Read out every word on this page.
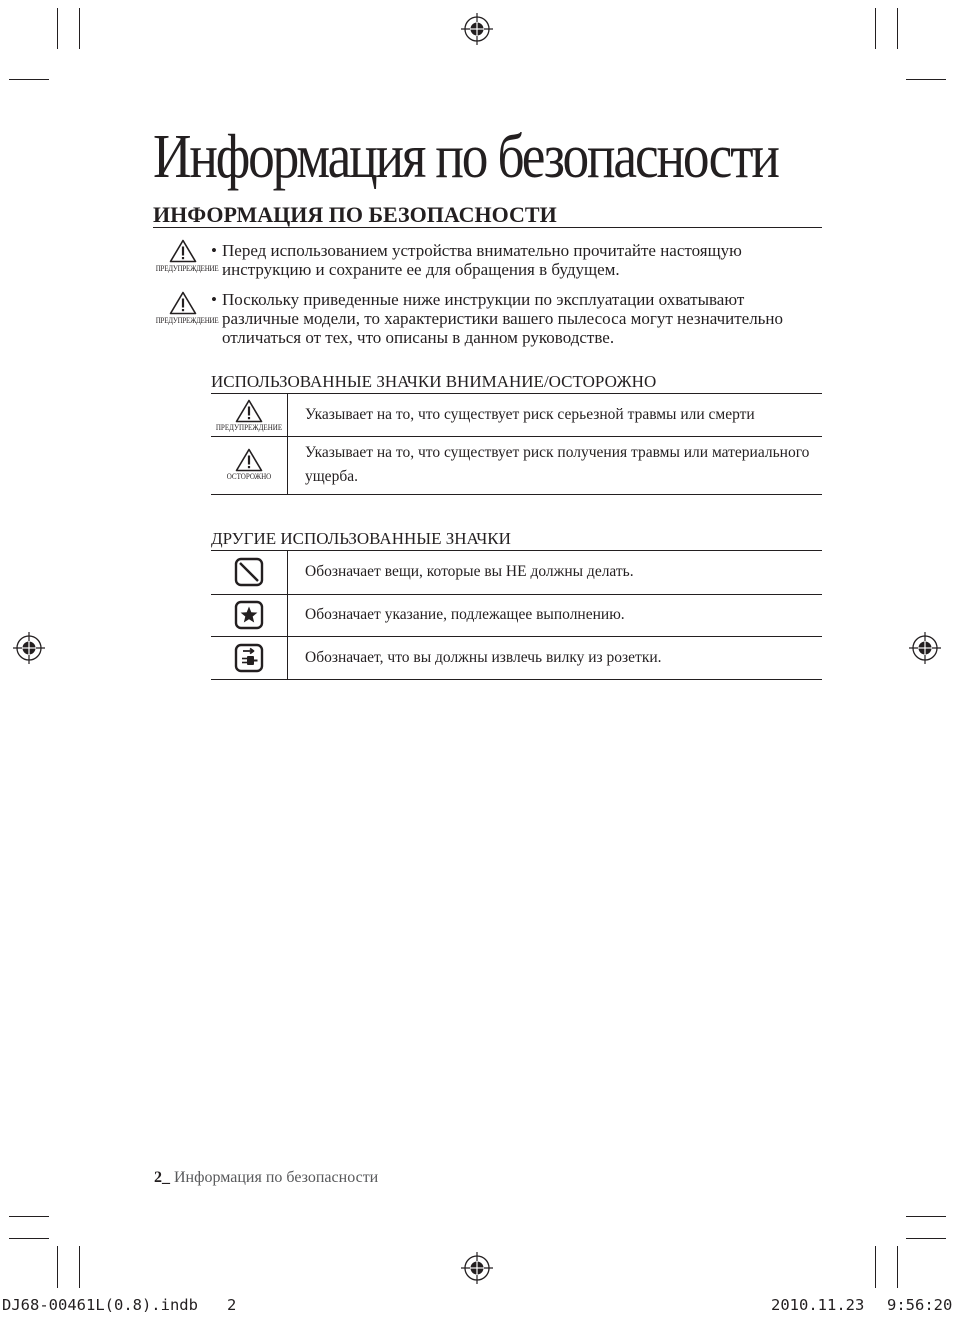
Информация по безопасности
ИНФОРМАЦИЯ ПО БЕЗОПАСНОСТИ
ПРЕДУПРЕЖДЕНИЕ
• Перед использованием устройства внимательно прочитайте настоящую инструкцию и сохраните ее для обращения в будущем.
ПРЕДУПРЕЖДЕНИЕ
• Поскольку приведенные ниже инструкции по эксплуатации охватывают различные модели, то характеристики вашего пылесоса могут незначительно отличаться от тех, что описаны в данном руководстве.
ИСПОЛЬЗОВАННЫЕ ЗНАЧКИ ВНИМАНИЕ/ОСТОРОЖНО
ПРЕДУПРЕЖДЕНИЕ	Указывает на то, что существует риск серьезной травмы или смерти

ОСТОРОЖНО	Указывает на то, что существует риск получения травмы или материального ущерба.
ДРУГИЕ ИСПОЛЬЗОВАННЫЕ ЗНАЧКИ
	Обозначает вещи, которые вы НЕ должны делать.

	Обозначает указание, подлежащее выполнению.

	Обозначает, что вы должны извлечь вилку из розетки.
2_ Информация по безопасности
DJ68-00461L(0.8).indb 2	2010.11.23 9:56:20
